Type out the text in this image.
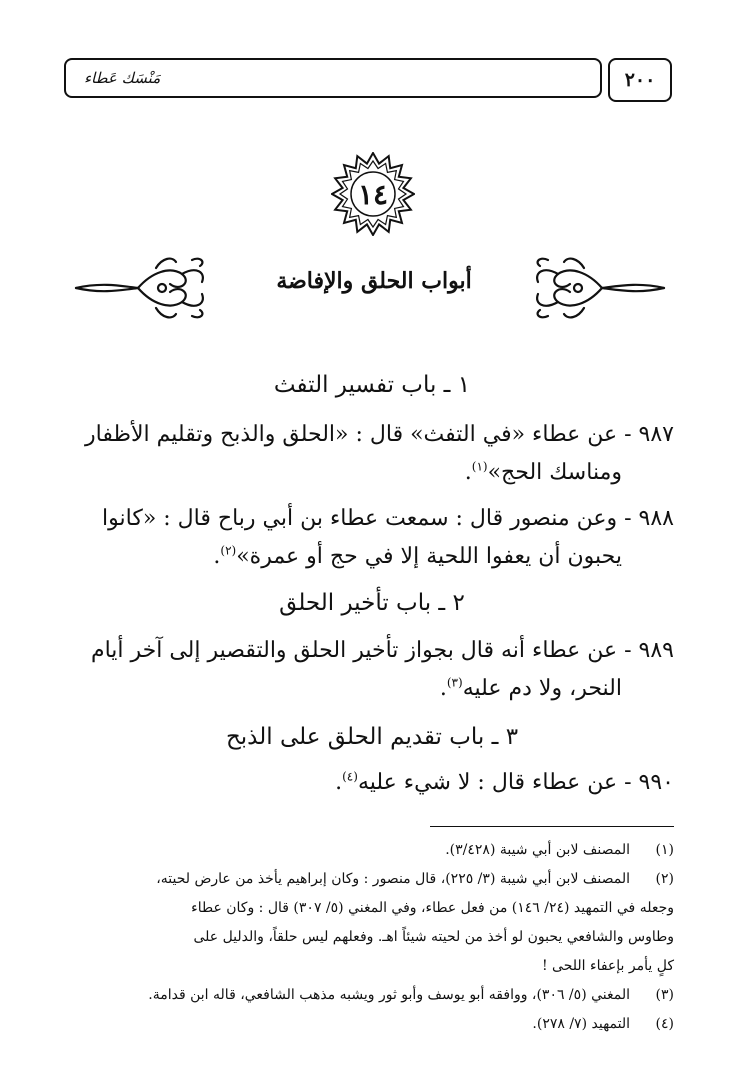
٢٠٠
مَنْسَك عَطاء
١٤
أبواب الحلق والإفاضة
١ ـ باب تفسير التفث
٩٨٧ - عن عطاء «في التفث» قال : «الحلق والذبح وتقليم الأظفار
ومناسك الحج»$^{(١)}$.
٩٨٨ - وعن منصور قال : سمعت عطاء بن أبي رباح قال : «كانوا
يحبون أن يعفوا اللحية إلا في حج أو عمرة»$^{(٢)}$.
٢ ـ باب تأخير الحلق
٩٨٩ - عن عطاء أنه قال بجواز تأخير الحلق والتقصير إلى آخر أيام
النحر، ولا دم عليه$^{(٣)}$.
٣ ـ باب تقديم الحلق على الذبح
٩٩٠ - عن عطاء قال : لا شيء عليه$^{(٤)}$.
(١)المصنف لابن أبي شيبة (٣/٤٢٨).
(٢)المصنف لابن أبي شيبة (٣/ ٢٢٥)، قال منصور : وكان إبراهيم يأخذ من عارض لحيته،
وجعله في التمهيد (٢٤/ ١٤٦) من فعل عطاء، وفي المغني (٥/ ٣٠٧) قال : وكان عطاء
وطاوس والشافعي يحبون لو أخذ من لحيته شيئاً اهـ. وفعلهم ليس حلقاً، والدليل على
كلٍ يأمر بإعفاء اللحى !
(٣)المغني (٥/ ٣٠٦)، ووافقه أبو يوسف وأبو ثور ويشبه مذهب الشافعي، قاله ابن قدامة.
(٤)التمهيد (٧/ ٢٧٨).
